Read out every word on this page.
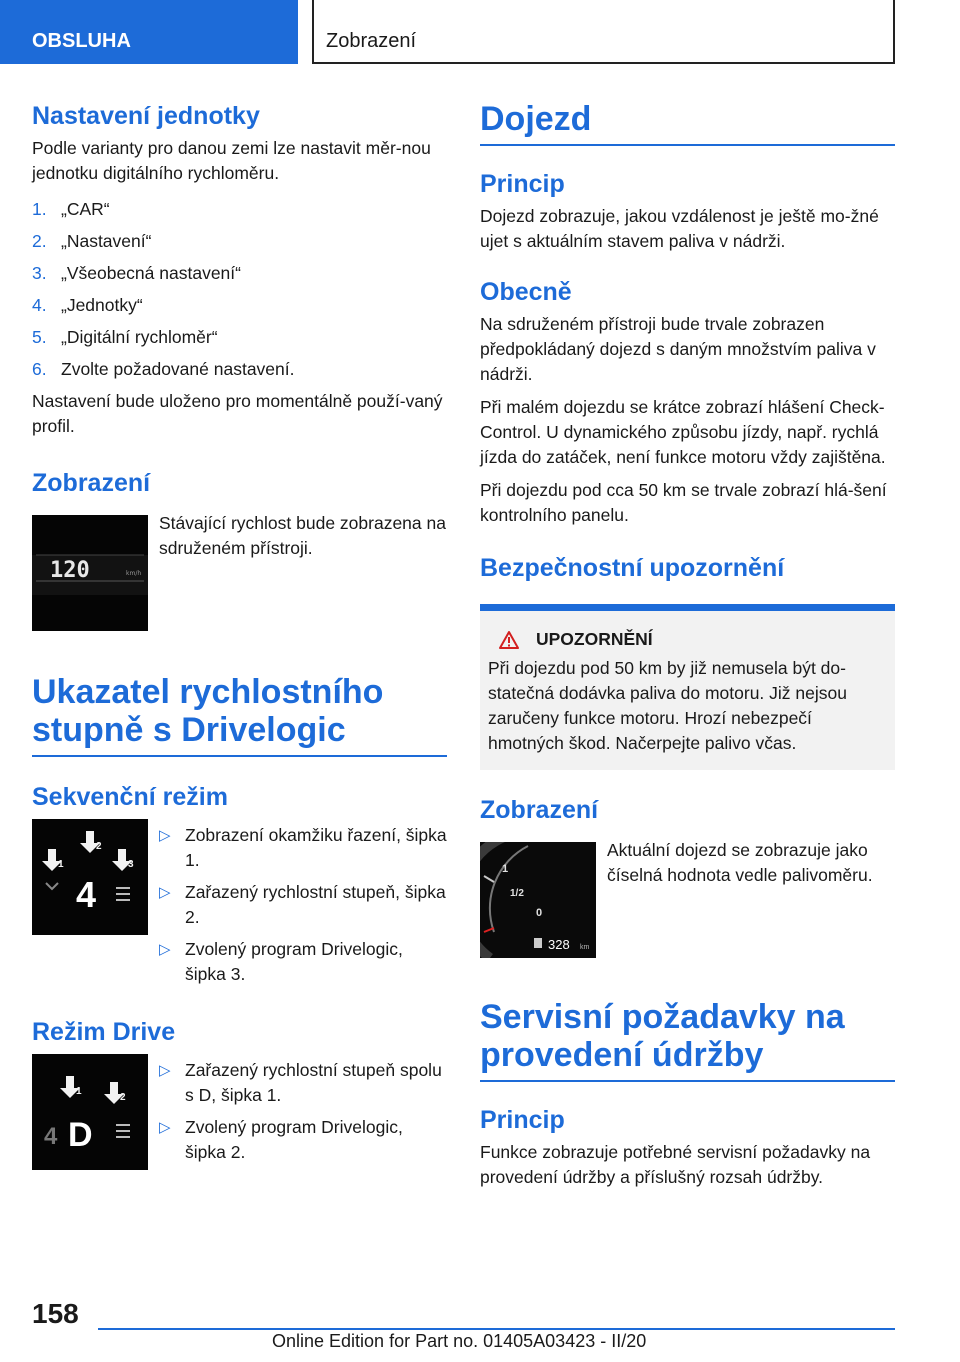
OBSLUHA	Zobrazení
Nastavení jednotky

Podle varianty pro danou zemi lze nastavit měr-nou jednotku digitálního rychloměru.

1. „CAR“
2. „Nastavení“
3. „Všeobecná nastavení“
4. „Jednotky“
5. „Digitální rychloměr“
6. Zvolte požadované nastavení.

Nastavení bude uloženo pro momentálně použí-vaný profil.

Zobrazení
120	km/h
Stávající rychlost bude zobrazena na sdruženém přístroji.
Ukazatel rychlostního stupně s Drivelogic
Sekvenční režim
1
2
3
4
▷ Zobrazení okamžiku řazení, šipka 1.
▷ Zařazený rychlostní stupeň, šipka 2.
▷ Zvolený program Drivelogic, šipka 3.
Režim Drive
1
2
4 D
▷ Zařazený rychlostní stupeň spolu s D, šipka 1.
▷ Zvolený program Drivelogic, šipka 2.
Dojezd
Princip

Dojezd zobrazuje, jakou vzdálenost je ještě mo-žné ujet s aktuálním stavem paliva v nádrži.

Obecně

Na sdruženém přístroji bude trvale zobrazen předpokládaný dojezd s daným množstvím paliva v nádrži.

Při malém dojezdu se krátce zobrazí hlášení Check-Control. U dynamického způsobu jízdy, např. rychlá jízda do zatáček, není funkce motoru vždy zajištěna.

Při dojezdu pod cca 50 km se trvale zobrazí hlá-šení kontrolního panelu.

Bezpečnostní upozornění
UPOZORNĚNÍ

Při dojezdu pod 50 km by již nemusela být do-statečná dodávka paliva do motoru. Již nejsou zaručeny funkce motoru. Hrozí nebezpečí hmotných škod. Načerpejte palivo včas.

Zobrazení
1
1/2
0
328 km
Aktuální dojezd se zobrazuje jako číselná hodnota vedle palivoměru.
Servisní požadavky na provedení údržby
Princip

Funkce zobrazuje potřebné servisní požadavky na provedení údržby a příslušný rozsah údržby.

158
Online Edition for Part no. 01405A03423 - II/20
